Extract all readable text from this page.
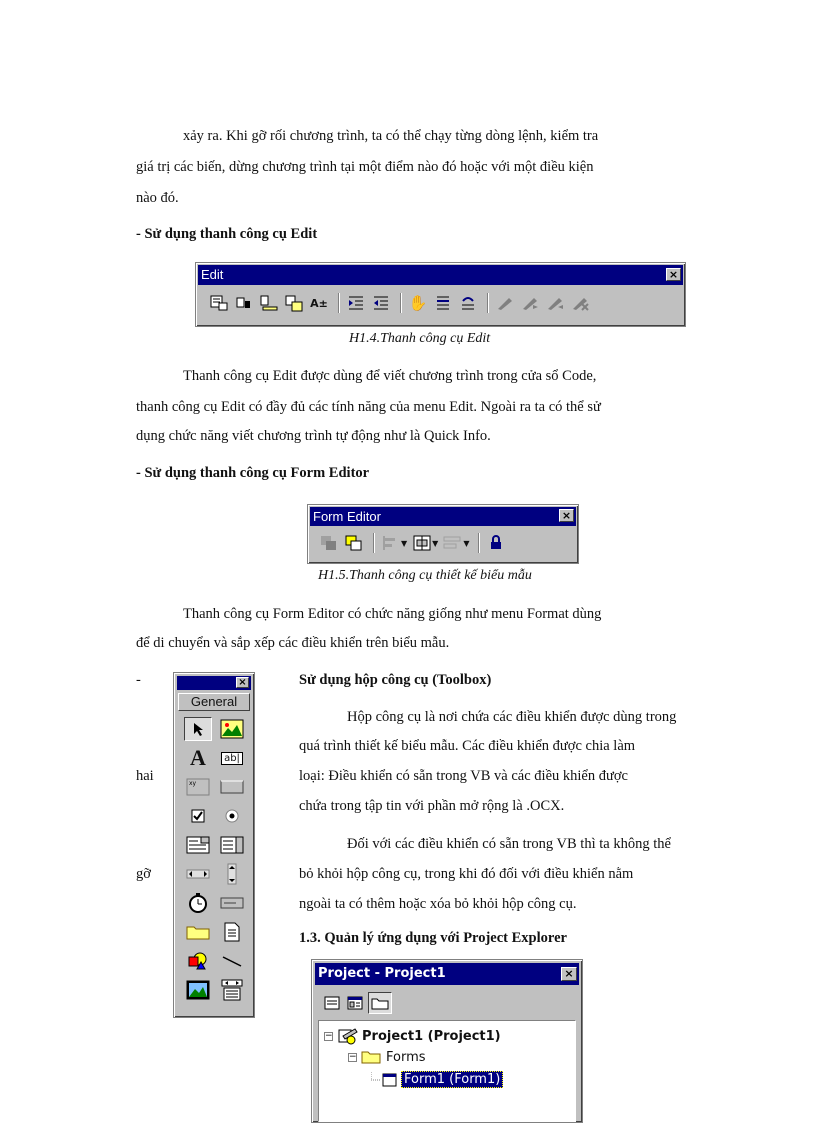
xảy ra. Khi gỡ rối chương trình, ta có thể chạy từng dòng lệnh, kiểm tra
giá trị các biến, dừng chương trình tại một điểm nào đó hoặc với một điều kiện
nào đó.
- Sử dụng thanh công cụ Edit
Edit	×
A±	✋
H1.4.Thanh công cụ Edit
Thanh công cụ Edit được dùng để viết chương trình trong cửa sổ Code,
thanh công cụ Edit có đầy đủ các tính năng của menu Edit. Ngoài ra ta có thể sử
dụng chức năng viết chương trình tự động như là Quick Info.
- Sử dụng thanh công cụ Form Editor
Form Editor	×
▼	▼	▼
H1.5.Thanh công cụ thiết kế biểu mẫu
Thanh công cụ Form Editor có chức năng giống như menu Format dùng
để di chuyển và sắp xếp các điều khiển trên biểu mẫu.
-	Sử dụng hộp công cụ (Toolbox)
Hộp công cụ là nơi chứa các điều khiển được dùng trong
quá trình thiết kế biểu mẫu. Các điều khiển được chia làm
hai	loại: Điều khiển có sẵn trong VB và các điều khiển được
chứa trong tập tin với phần mở rộng là .OCX.
Đối với các điều khiển có sẵn trong VB thì ta không thể
gỡ	bỏ khỏi hộp công cụ, trong khi đó đối với điều khiển nằm
ngoài ta có thêm hoặc xóa bỏ khỏi hộp công cụ.
1.3. Quản lý ứng dụng với Project Explorer
×
General
A	ab|
xy
Project - Project1	×
− Project1 (Project1)
− Forms
Form1 (Form1)
